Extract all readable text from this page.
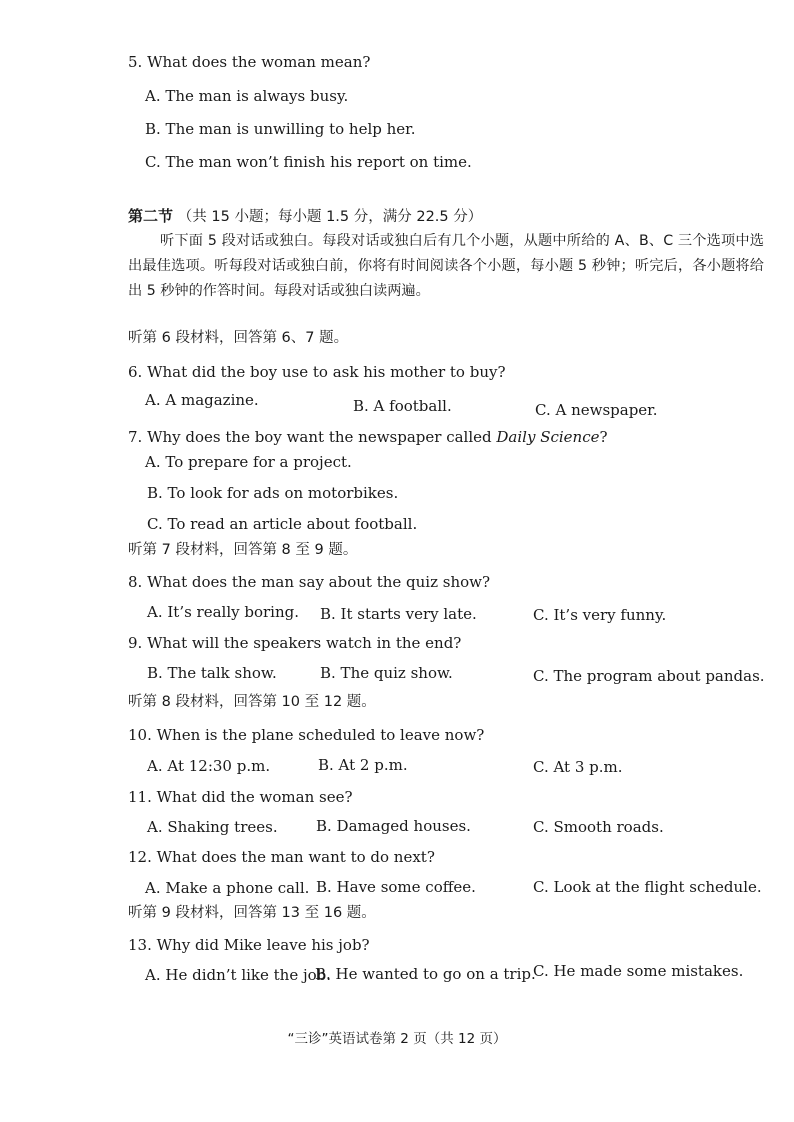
5. What does the woman mean?
A. The man is always busy.
B. The man is unwilling to help her.
C. The man won’t finish his report on time.
第二节 （共 15 小题；每小题 1.5 分，满分 22.5 分）
听下面 5 段对话或独白。每段对话或独白后有几个小题，从题中所给的 A、B、C 三个选项中选出最佳选项。听每段对话或独白前，你将有时间阅读各个小题，每小题 5 秒钟；听完后，各小题将给出 5 秒钟的作答时间。每段对话或独白读两遍。
听第 6 段材料，回答第 6、7 题。
6. What did the boy use to ask his mother to buy?
A. A magazine.	B. A football.	C. A newspaper.
7. Why does the boy want the newspaper called Daily Science?
A. To prepare for a project.
B. To look for ads on motorbikes.
C. To read an article about football.
听第 7 段材料，回答第 8 至 9 题。
8. What does the man say about the quiz show?
A. It’s really boring. B. It starts very late.	C. It’s very funny.
9. What will the speakers watch in the end?
B. The talk show.	B. The quiz show.	C. The program about pandas.
听第 8 段材料，回答第 10 至 12 题。
10. When is the plane scheduled to leave now?
A. At 12:30 p.m.	B. At 2 p.m.	C. At 3 p.m.
11. What did the woman see?
A. Shaking trees.	B. Damaged houses.	C. Smooth roads.
12. What does the man want to do next?
A. Make a phone call. B. Have some coffee.	C. Look at the flight schedule.
听第 9 段材料，回答第 13 至 16 题。
13. Why did Mike leave his job?
A. He didn’t like the job.
B. He wanted to go on a trip.
C. He made some mistakes.
“三诊”英语试卷第 2 页（共 12 页）
